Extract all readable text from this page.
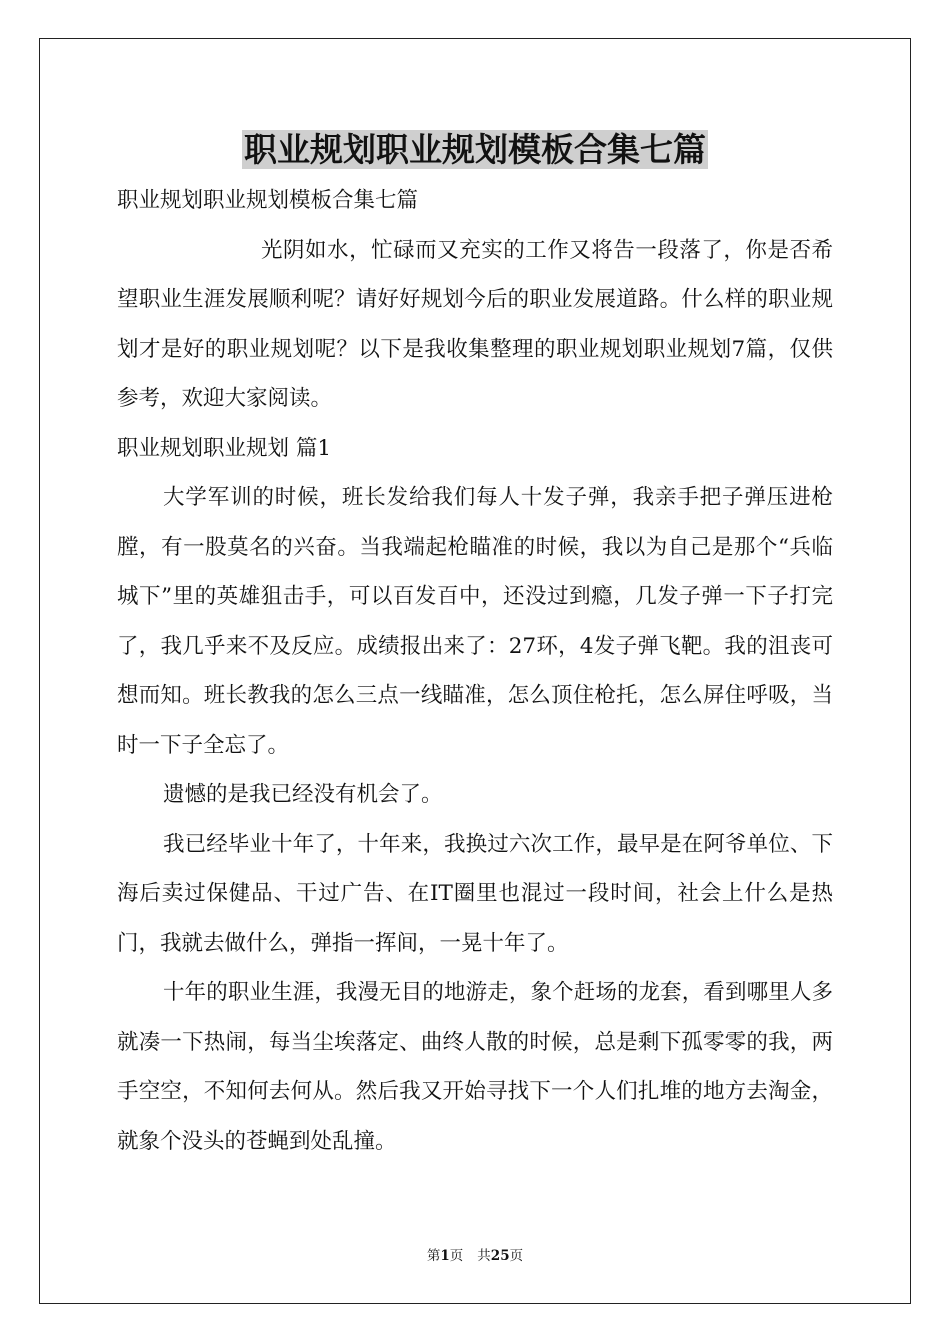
职业规划职业规划模板合集七篇

职业规划职业规划模板合集七篇

光阴如水，忙碌而又充实的工作又将告一段落了，你是否希望职业生涯发展顺利呢？请好好规划今后的职业发展道路。什么样的职业规划才是好的职业规划呢？以下是我收集整理的职业规划职业规划7篇，仅供参考，欢迎大家阅读。

职业规划职业规划 篇1

大学军训的时候，班长发给我们每人十发子弹，我亲手把子弹压进枪膛，有一股莫名的兴奋。当我端起枪瞄准的时候，我以为自己是那个“兵临城下”里的英雄狙击手，可以百发百中，还没过到瘾，几发子弹一下子打完了，我几乎来不及反应。成绩报出来了：27环，4发子弹飞靶。我的沮丧可想而知。班长教我的怎么三点一线瞄准，怎么顶住枪托，怎么屏住呼吸，当时一下子全忘了。

遗憾的是我已经没有机会了。

我已经毕业十年了，十年来，我换过六次工作，最早是在阿爷单位、下海后卖过保健品、干过广告、在IT圈里也混过一段时间，社会上什么是热门，我就去做什么，弹指一挥间，一晃十年了。

十年的职业生涯，我漫无目的地游走，象个赶场的龙套，看到哪里人多就凑一下热闹，每当尘埃落定、曲终人散的时候，总是剩下孤零零的我，两手空空，不知何去何从。然后我又开始寻找下一个人们扎堆的地方去淘金，就象个没头的苍蝇到处乱撞。

第1页 共25页
